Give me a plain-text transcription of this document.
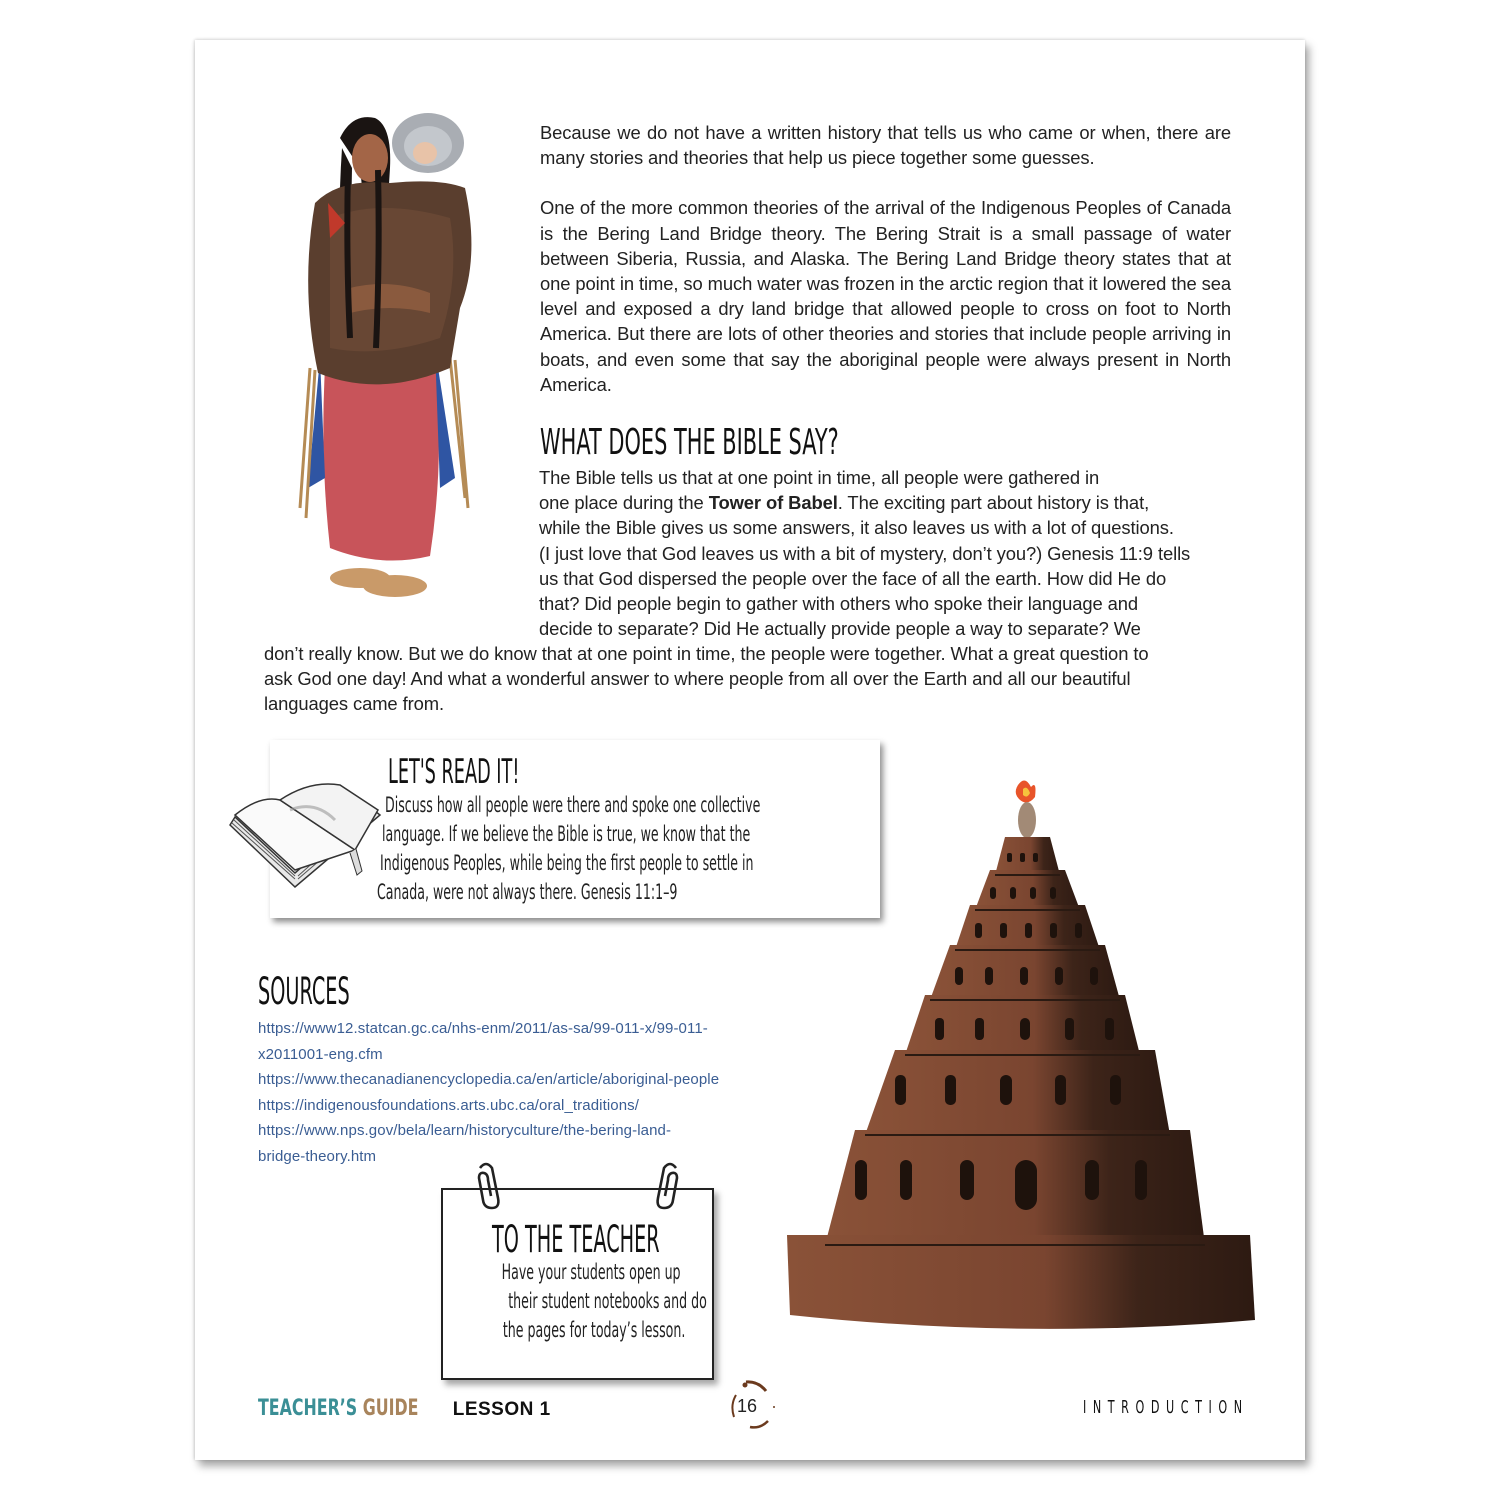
Because we do not have a written history that tells us who came or when, there are many stories and theories that help us piece together some guesses.

One of the more common theories of the arrival of the Indigenous Peoples of Canada is the Bering Land Bridge theory. The Bering Strait is a small passage of water between Siberia, Russia, and Alaska. The Bering Land Bridge theory states that at one point in time, so much water was frozen in the arctic region that it lowered the sea level and exposed a dry land bridge that allowed people to cross on foot to North America. But there are lots of other theories and stories that include people arriving in boats, and even some that say the aboriginal people were always present in North America.

WHAT DOES THE BIBLE SAY?
The Bible tells us that at one point in time, all people were gathered in
one place during the Tower of Babel. The exciting part about history is that,
while the Bible gives us some answers, it also leaves us with a lot of questions.
(I just love that God leaves us with a bit of mystery, don’t you?) Genesis 11:9 tells
us that God dispersed the people over the face of all the earth. How did He do
that? Did people begin to gather with others who spoke their language and
decide to separate? Did He actually provide people a way to separate? We
don’t really know. But we do know that at one point in time, the people were together. What a great question to
ask God one day! And what a wonderful answer to where people from all over the Earth and all our beautiful
languages came from.
LET'S READ IT!
Discuss how all people were there and spoke one collective
language. If we believe the Bible is true, we know that the
Indigenous Peoples, while being the first people to settle in
Canada, were not always there. Genesis 11:1–9
SOURCES
https://www12.statcan.gc.ca/nhs-enm/2011/as-sa/99-011-x/99-011-
x2011001-eng.cfm
https://www.thecanadianencyclopedia.ca/en/article/aboriginal-people
https://indigenousfoundations.arts.ubc.ca/oral_traditions/
https://www.nps.gov/bela/learn/historyculture/the-bering-land-
bridge-theory.htm
TO THE TEACHER
Have your students open up
their student notebooks and do
the pages for today’s lesson.
TEACHER’S GUIDE LESSON 1	16	INTRODUCTION
